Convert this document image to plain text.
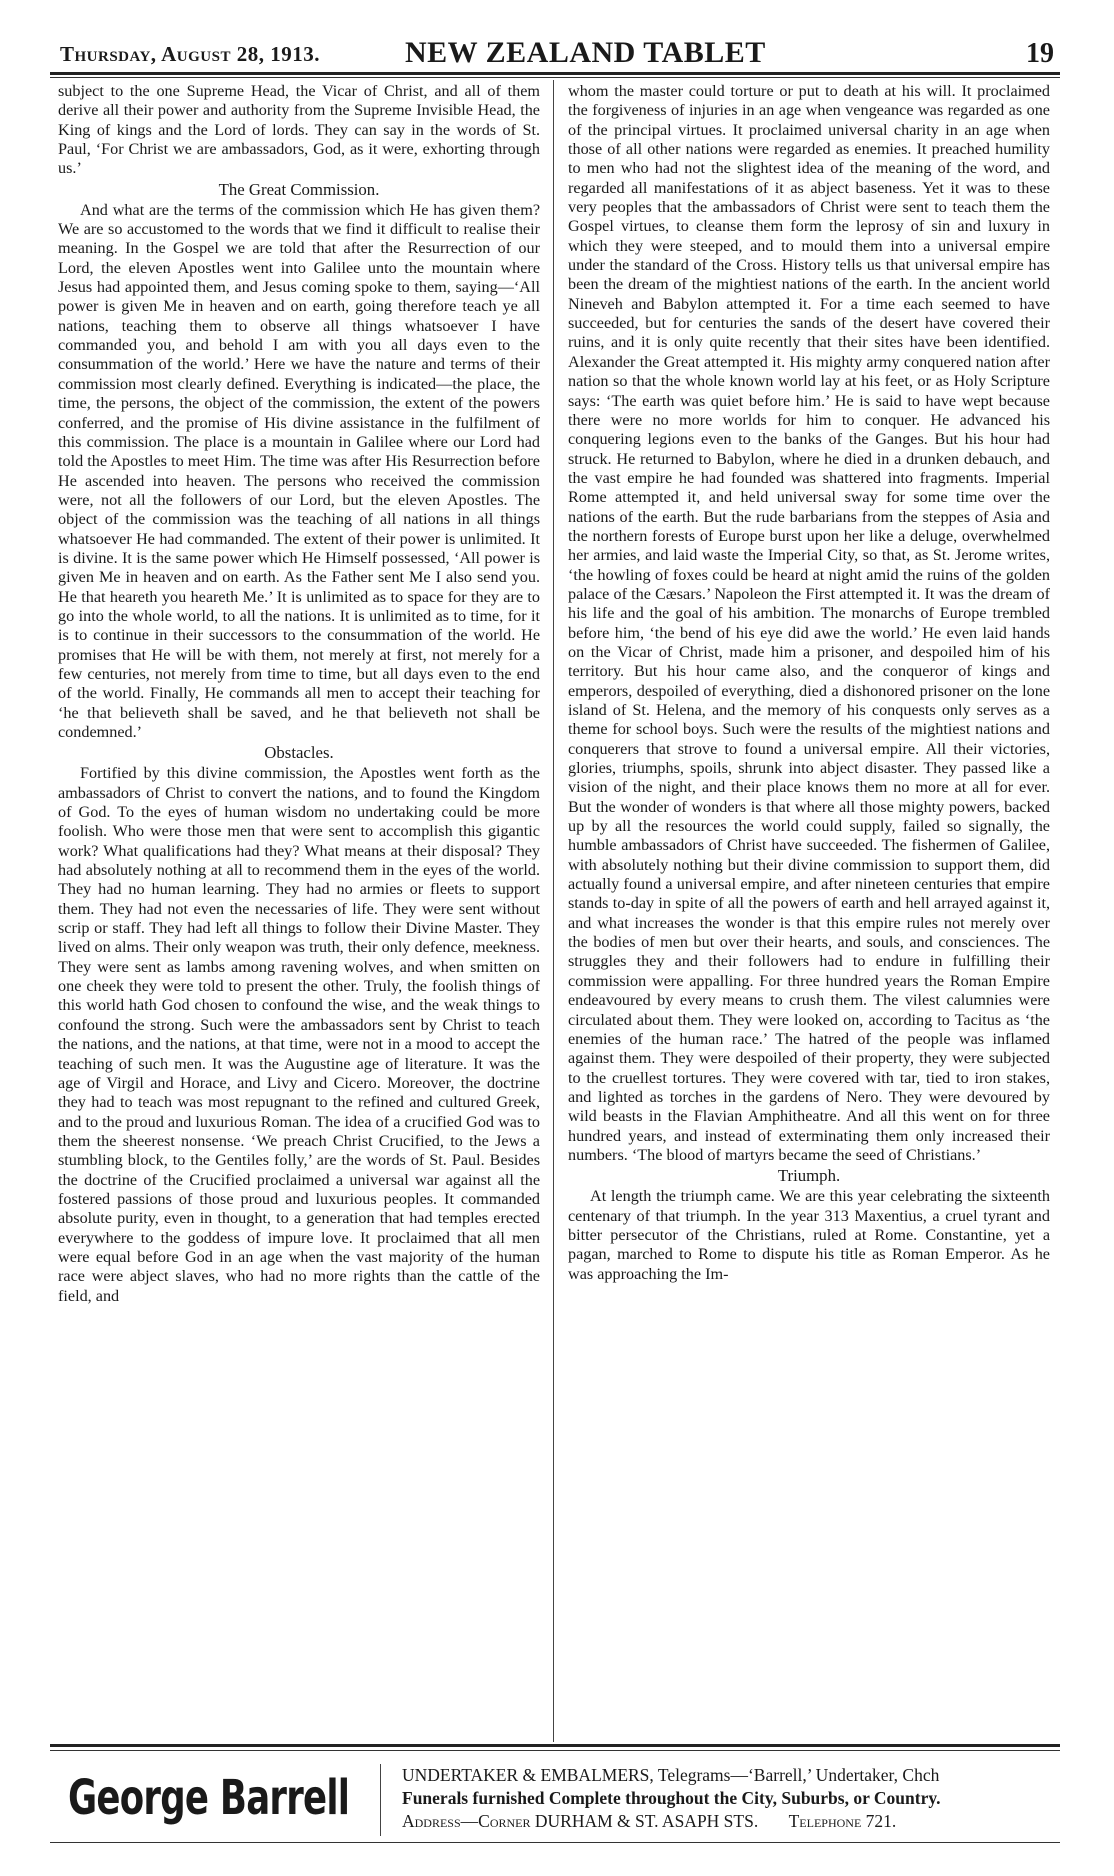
Thursday, August 28, 1913.	NEW ZEALAND TABLET	19

subject to the one Supreme Head, the Vicar of Christ, and all of them derive all their power and authority from the Supreme Invisible Head, the King of kings and the Lord of lords. They can say in the words of St. Paul, ‘For Christ we are ambassadors, God, as it were, exhorting through us.’

The Great Commission.

And what are the terms of the commission which He has given them? We are so accustomed to the words that we find it difficult to realise their meaning. In the Gospel we are told that after the Resurrection of our Lord, the eleven Apostles went into Galilee unto the mountain where Jesus had appointed them, and Jesus coming spoke to them, saying—‘All power is given Me in heaven and on earth, going therefore teach ye all nations, teaching them to observe all things whatsoever I have commanded you, and behold I am with you all days even to the consummation of the world.’ Here we have the nature and terms of their commission most clearly defined. Everything is indicated—the place, the time, the persons, the object of the commission, the extent of the powers conferred, and the promise of His divine assistance in the fulfilment of this commission. The place is a mountain in Galilee where our Lord had told the Apostles to meet Him. The time was after His Resurrection before He ascended into heaven. The persons who received the commission were, not all the followers of our Lord, but the eleven Apostles. The object of the commission was the teaching of all nations in all things whatsoever He had commanded. The extent of their power is unlimited. It is divine. It is the same power which He Himself possessed, ‘All power is given Me in heaven and on earth. As the Father sent Me I also send you. He that heareth you heareth Me.’ It is unlimited as to space for they are to go into the whole world, to all the nations. It is unlimited as to time, for it is to continue in their successors to the consummation of the world. He promises that He will be with them, not merely at first, not merely for a few centuries, not merely from time to time, but all days even to the end of the world. Finally, He commands all men to accept their teaching for ‘he that believeth shall be saved, and he that believeth not shall be condemned.’

Obstacles.

Fortified by this divine commission, the Apostles went forth as the ambassadors of Christ to convert the nations, and to found the Kingdom of God. To the eyes of human wisdom no undertaking could be more foolish. Who were those men that were sent to accomplish this gigantic work? What qualifications had they? What means at their disposal? They had absolutely nothing at all to recommend them in the eyes of the world. They had no human learning. They had no armies or fleets to support them. They had not even the necessaries of life. They were sent without scrip or staff. They had left all things to follow their Divine Master. They lived on alms. Their only weapon was truth, their only defence, meekness. They were sent as lambs among ravening wolves, and when smitten on one cheek they were told to present the other. Truly, the foolish things of this world hath God chosen to confound the wise, and the weak things to confound the strong. Such were the ambassadors sent by Christ to teach the nations, and the nations, at that time, were not in a mood to accept the teaching of such men. It was the Augustine age of literature. It was the age of Virgil and Horace, and Livy and Cicero. Moreover, the doctrine they had to teach was most repugnant to the refined and cultured Greek, and to the proud and luxurious Roman. The idea of a crucified God was to them the sheerest nonsense. ‘We preach Christ Crucified, to the Jews a stumbling block, to the Gentiles folly,’ are the words of St. Paul. Besides the doctrine of the Crucified proclaimed a universal war against all the fostered passions of those proud and luxurious peoples. It commanded absolute purity, even in thought, to a generation that had temples erected everywhere to the goddess of impure love. It proclaimed that all men were equal before God in an age when the vast majority of the human race were abject slaves, who had no more rights than the cattle of the field, and

whom the master could torture or put to death at his will. It proclaimed the forgiveness of injuries in an age when vengeance was regarded as one of the principal virtues. It proclaimed universal charity in an age when those of all other nations were regarded as enemies. It preached humility to men who had not the slightest idea of the meaning of the word, and regarded all manifestations of it as abject baseness. Yet it was to these very peoples that the ambassadors of Christ were sent to teach them the Gospel virtues, to cleanse them form the leprosy of sin and luxury in which they were steeped, and to mould them into a universal empire under the standard of the Cross. History tells us that universal empire has been the dream of the mightiest nations of the earth. In the ancient world Nineveh and Babylon attempted it. For a time each seemed to have succeeded, but for centuries the sands of the desert have covered their ruins, and it is only quite recently that their sites have been identified. Alexander the Great attempted it. His mighty army conquered nation after nation so that the whole known world lay at his feet, or as Holy Scripture says: ‘The earth was quiet before him.’ He is said to have wept because there were no more worlds for him to conquer. He advanced his conquering legions even to the banks of the Ganges. But his hour had struck. He returned to Babylon, where he died in a drunken debauch, and the vast empire he had founded was shattered into fragments. Imperial Rome attempted it, and held universal sway for some time over the nations of the earth. But the rude barbarians from the steppes of Asia and the northern forests of Europe burst upon her like a deluge, overwhelmed her armies, and laid waste the Imperial City, so that, as St. Jerome writes, ‘the howling of foxes could be heard at night amid the ruins of the golden palace of the Cæsars.’ Napoleon the First attempted it. It was the dream of his life and the goal of his ambition. The monarchs of Europe trembled before him, ‘the bend of his eye did awe the world.’ He even laid hands on the Vicar of Christ, made him a prisoner, and despoiled him of his territory. But his hour came also, and the conqueror of kings and emperors, despoiled of everything, died a dishonored prisoner on the lone island of St. Helena, and the memory of his conquests only serves as a theme for school boys. Such were the results of the mightiest nations and conquerers that strove to found a universal empire. All their victories, glories, triumphs, spoils, shrunk into abject disaster. They passed like a vision of the night, and their place knows them no more at all for ever. But the wonder of wonders is that where all those mighty powers, backed up by all the resources the world could supply, failed so signally, the humble ambassadors of Christ have succeeded. The fishermen of Galilee, with absolutely nothing but their divine commission to support them, did actually found a universal empire, and after nineteen centuries that empire stands to-day in spite of all the powers of earth and hell arrayed against it, and what increases the wonder is that this empire rules not merely over the bodies of men but over their hearts, and souls, and consciences. The struggles they and their followers had to endure in fulfilling their commission were appalling. For three hundred years the Roman Empire endeavoured by every means to crush them. The vilest calumnies were circulated about them. They were looked on, according to Tacitus as ‘the enemies of the human race.’ The hatred of the people was inflamed against them. They were despoiled of their property, they were subjected to the cruellest tortures. They were covered with tar, tied to iron stakes, and lighted as torches in the gardens of Nero. They were devoured by wild beasts in the Flavian Amphitheatre. And all this went on for three hundred years, and instead of exterminating them only increased their numbers. ‘The blood of martyrs became the seed of Christians.’

Triumph.

At length the triumph came. We are this year celebrating the sixteenth centenary of that triumph. In the year 313 Maxentius, a cruel tyrant and bitter persecutor of the Christians, ruled at Rome. Constantine, yet a pagan, marched to Rome to dispute his title as Roman Emperor. As he was approaching the Im-

George Barrell	UNDERTAKER & EMBALMERS, Telegrams—‘Barrell,’ Undertaker, Chch
Funerals furnished Complete throughout the City, Suburbs, or Country.
Address—Corner DURHAM & ST. ASAPH STS. Telephone 721.
